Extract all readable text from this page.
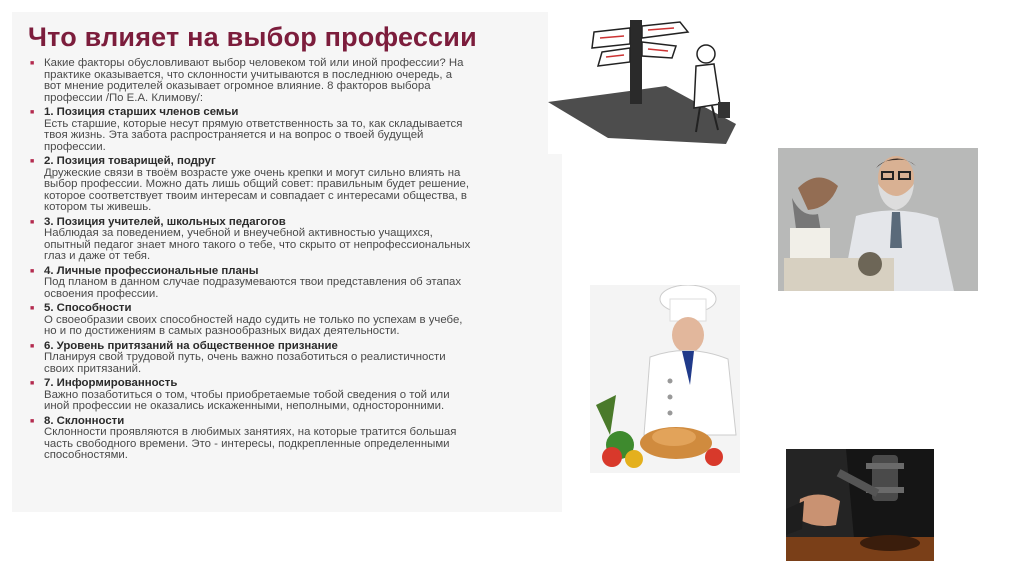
Что влияет на выбор профессии
■ Какие факторы обусловливают выбор человеком той или иной профессии? На
практике оказывается, что склонности учитываются в последнюю очередь, а
вот мнение родителей оказывает огромное влияние. 8 факторов выбора
профессии /По Е.А. Климову/:
■ 1. Позиция старших членов семьи
Есть старшие, которые несут прямую ответственность за то, как складывается
твоя жизнь. Эта забота распространяется и на вопрос о твоей будущей
профессии.
■ 2. Позиция товарищей, подруг
Дружеские связи в твоём возрасте уже очень крепки и могут сильно влиять на
выбор профессии. Можно дать лишь общий совет: правильным будет решение,
которое соответствует твоим интересам и совпадает с интересами общества, в
котором ты живешь.
■ 3. Позиция учителей, школьных педагогов
Наблюдая за поведением, учебной и внеучебной активностью учащихся,
опытный педагог знает много такого о тебе, что скрыто от непрофессиональных
глаз и даже от тебя.
■ 4. Личные профессиональные планы
Под планом в данном случае подразумеваются твои представления об этапах
освоения профессии.
■ 5. Способности
О своеобразии своих способностей надо судить не только по успехам в учебе,
но и по достижениям в самых разнообразных видах деятельности.
■ 6. Уровень притязаний на общественное признание
Планируя свой трудовой путь, очень важно позаботиться о реалистичности
своих притязаний.
■ 7. Информированность
Важно позаботиться о том, чтобы приобретаемые тобой сведения о той или
иной профессии не оказались искаженными, неполными, односторонними.
■ 8. Склонности
Склонности проявляются в любимых занятиях, на которые тратится большая
часть свободного времени. Это - интересы, подкрепленные определенными
способностями.
